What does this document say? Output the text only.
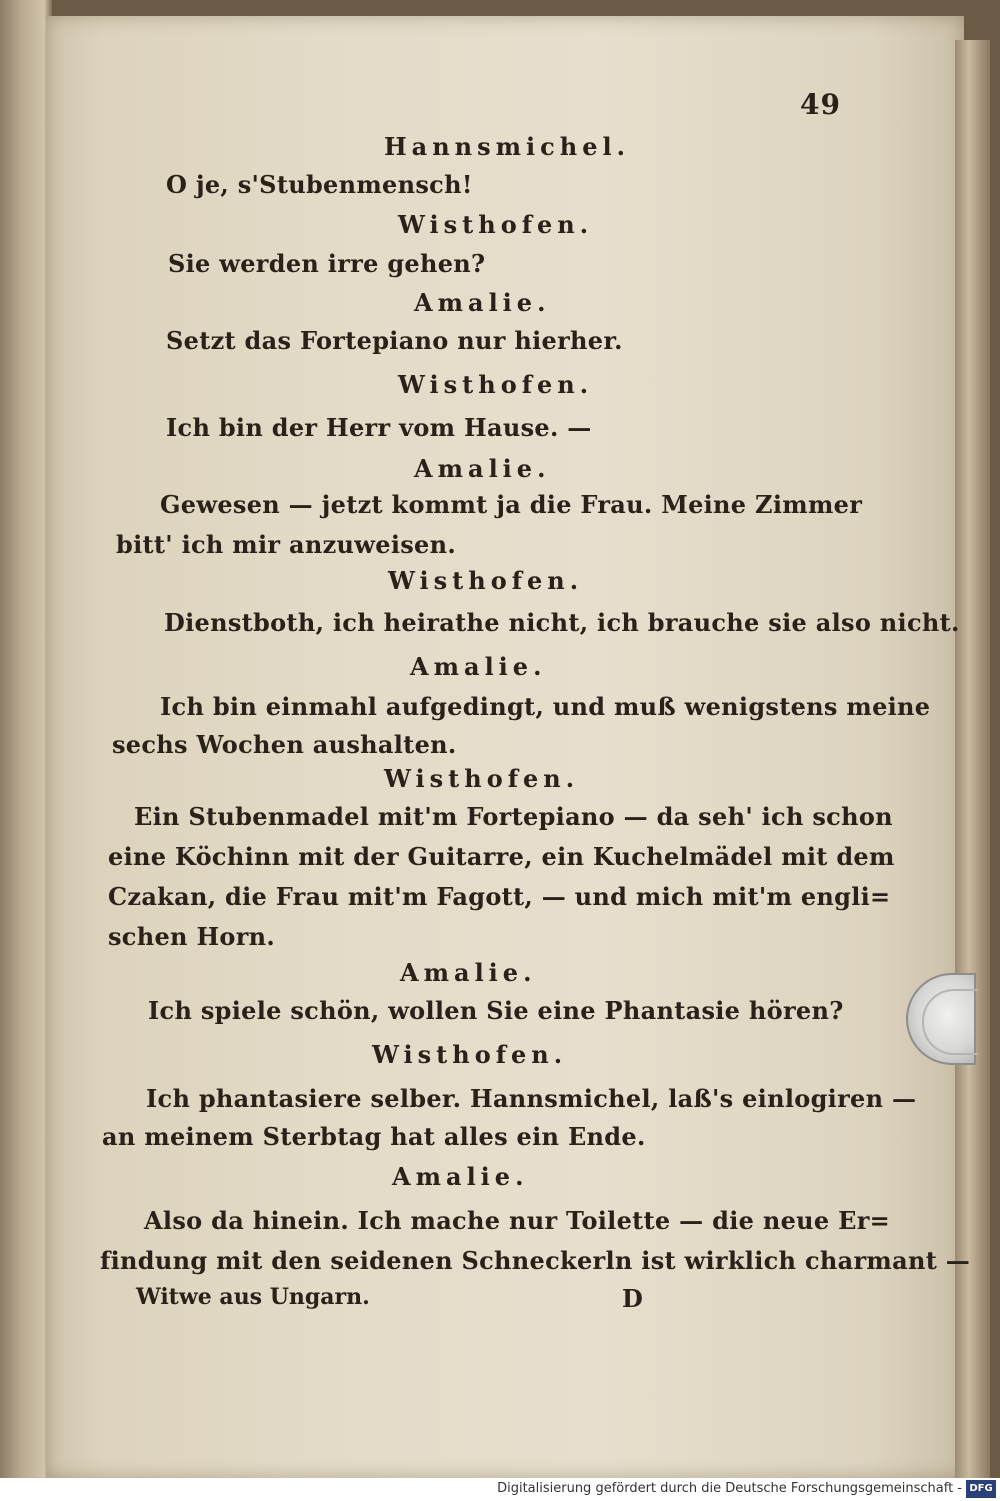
49
Hannsmichel.
O je, s'Stubenmensch!
Wisthofen.
Sie werden irre gehen?
Amalie.
Setzt das Fortepiano nur hierher.
Wisthofen.
Ich bin der Herr vom Hause. —
Amalie.
Gewesen — jetzt kommt ja die Frau. Meine Zimmer
bitt' ich mir anzuweisen.
Wisthofen.
Dienstboth, ich heirathe nicht, ich brauche sie also nicht.
Amalie.
Ich bin einmahl aufgedingt, und muß wenigstens meine
sechs Wochen aushalten.
Wisthofen.
Ein Stubenmadel mit'm Fortepiano — da seh' ich schon
eine Köchinn mit der Guitarre, ein Kuchelmädel mit dem
Czakan, die Frau mit'm Fagott, — und mich mit'm engli=
schen Horn.
Amalie.
Ich spiele schön, wollen Sie eine Phantasie hören?
Wisthofen.
Ich phantasiere selber. Hannsmichel, laß's einlogiren —
an meinem Sterbtag hat alles ein Ende.
Amalie.
Also da hinein. Ich mache nur Toilette — die neue Er=
findung mit den seidenen Schneckerln ist wirklich charmant —
Witwe aus Ungarn.	D
Digitalisierung gefördert durch die Deutsche Forschungsgemeinschaft - DFG
